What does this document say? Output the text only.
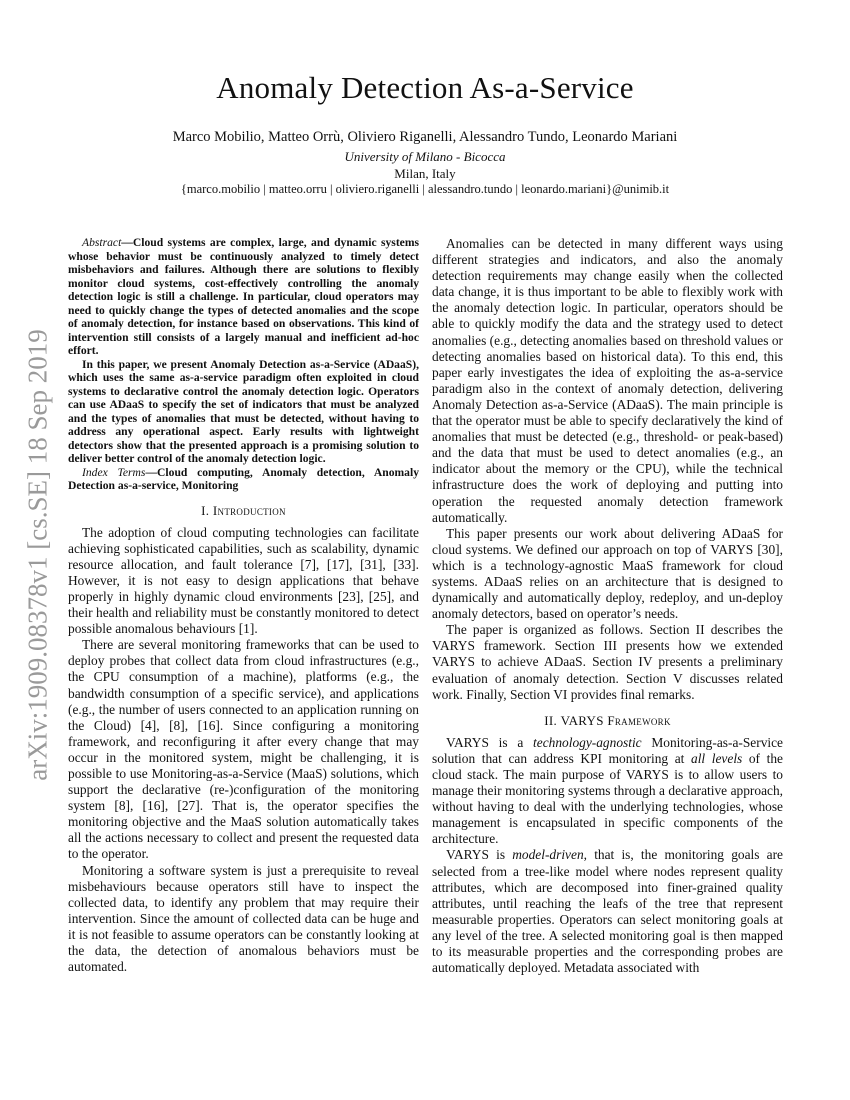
arXiv:1909.08378v1 [cs.SE] 18 Sep 2019
Anomaly Detection As-a-Service
Marco Mobilio, Matteo Orrù, Oliviero Riganelli, Alessandro Tundo, Leonardo Mariani
University of Milano - Bicocca
Milan, Italy
{marco.mobilio | matteo.orru | oliviero.riganelli | alessandro.tundo | leonardo.mariani}@unimib.it

Abstract—Cloud systems are complex, large, and dynamic systems whose behavior must be continuously analyzed to timely detect misbehaviors and failures. Although there are solutions to flexibly monitor cloud systems, cost-effectively controlling the anomaly detection logic is still a challenge. In particular, cloud operators may need to quickly change the types of detected anomalies and the scope of anomaly detection, for instance based on observations. This kind of intervention still consists of a largely manual and inefficient ad-hoc effort.

In this paper, we present Anomaly Detection as-a-Service (ADaaS), which uses the same as-a-service paradigm often exploited in cloud systems to declarative control the anomaly detection logic. Operators can use ADaaS to specify the set of indicators that must be analyzed and the types of anomalies that must be detected, without having to address any operational aspect. Early results with lightweight detectors show that the presented approach is a promising solution to deliver better control of the anomaly detection logic.

Index Terms—Cloud computing, Anomaly detection, Anomaly Detection as-a-service, Monitoring

I. Introduction

The adoption of cloud computing technologies can facilitate achieving sophisticated capabilities, such as scalability, dynamic resource allocation, and fault tolerance [7], [17], [31], [33]. However, it is not easy to design applications that behave properly in highly dynamic cloud environments [23], [25], and their health and reliability must be constantly monitored to detect possible anomalous behaviours [1].

There are several monitoring frameworks that can be used to deploy probes that collect data from cloud infrastructures (e.g., the CPU consumption of a machine), platforms (e.g., the bandwidth consumption of a specific service), and applications (e.g., the number of users connected to an application running on the Cloud) [4], [8], [16]. Since configuring a monitoring framework, and reconfiguring it after every change that may occur in the monitored system, might be challenging, it is possible to use Monitoring-as-a-Service (MaaS) solutions, which support the declarative (re-)configuration of the monitoring system [8], [16], [27]. That is, the operator specifies the monitoring objective and the MaaS solution automatically takes all the actions necessary to collect and present the requested data to the operator.

Monitoring a software system is just a prerequisite to reveal misbehaviours because operators still have to inspect the collected data, to identify any problem that may require their intervention. Since the amount of collected data can be huge and it is not feasible to assume operators can be constantly looking at the data, the detection of anomalous behaviors must be automated.

Anomalies can be detected in many different ways using different strategies and indicators, and also the anomaly detection requirements may change easily when the collected data change, it is thus important to be able to flexibly work with the anomaly detection logic. In particular, operators should be able to quickly modify the data and the strategy used to detect anomalies (e.g., detecting anomalies based on threshold values or detecting anomalies based on historical data). To this end, this paper early investigates the idea of exploiting the as-a-service paradigm also in the context of anomaly detection, delivering Anomaly Detection as-a-Service (ADaaS). The main principle is that the operator must be able to specify declaratively the kind of anomalies that must be detected (e.g., threshold- or peak-based) and the data that must be used to detect anomalies (e.g., an indicator about the memory or the CPU), while the technical infrastructure does the work of deploying and putting into operation the requested anomaly detection framework automatically.

This paper presents our work about delivering ADaaS for cloud systems. We defined our approach on top of VARYS [30], which is a technology-agnostic MaaS framework for cloud systems. ADaaS relies on an architecture that is designed to dynamically and automatically deploy, redeploy, and un-deploy anomaly detectors, based on operator’s needs.

The paper is organized as follows. Section II describes the VARYS framework. Section III presents how we extended VARYS to achieve ADaaS. Section IV presents a preliminary evaluation of anomaly detection. Section V discusses related work. Finally, Section VI provides final remarks.

II. VARYS Framework

VARYS is a technology-agnostic Monitoring-as-a-Service solution that can address KPI monitoring at all levels of the cloud stack. The main purpose of VARYS is to allow users to manage their monitoring systems through a declarative approach, without having to deal with the underlying technologies, whose management is encapsulated in specific components of the architecture.

VARYS is model-driven, that is, the monitoring goals are selected from a tree-like model where nodes represent quality attributes, which are decomposed into finer-grained quality attributes, until reaching the leafs of the tree that represent measurable properties. Operators can select monitoring goals at any level of the tree. A selected monitoring goal is then mapped to its measurable properties and the corresponding probes are automatically deployed. Metadata associated with
